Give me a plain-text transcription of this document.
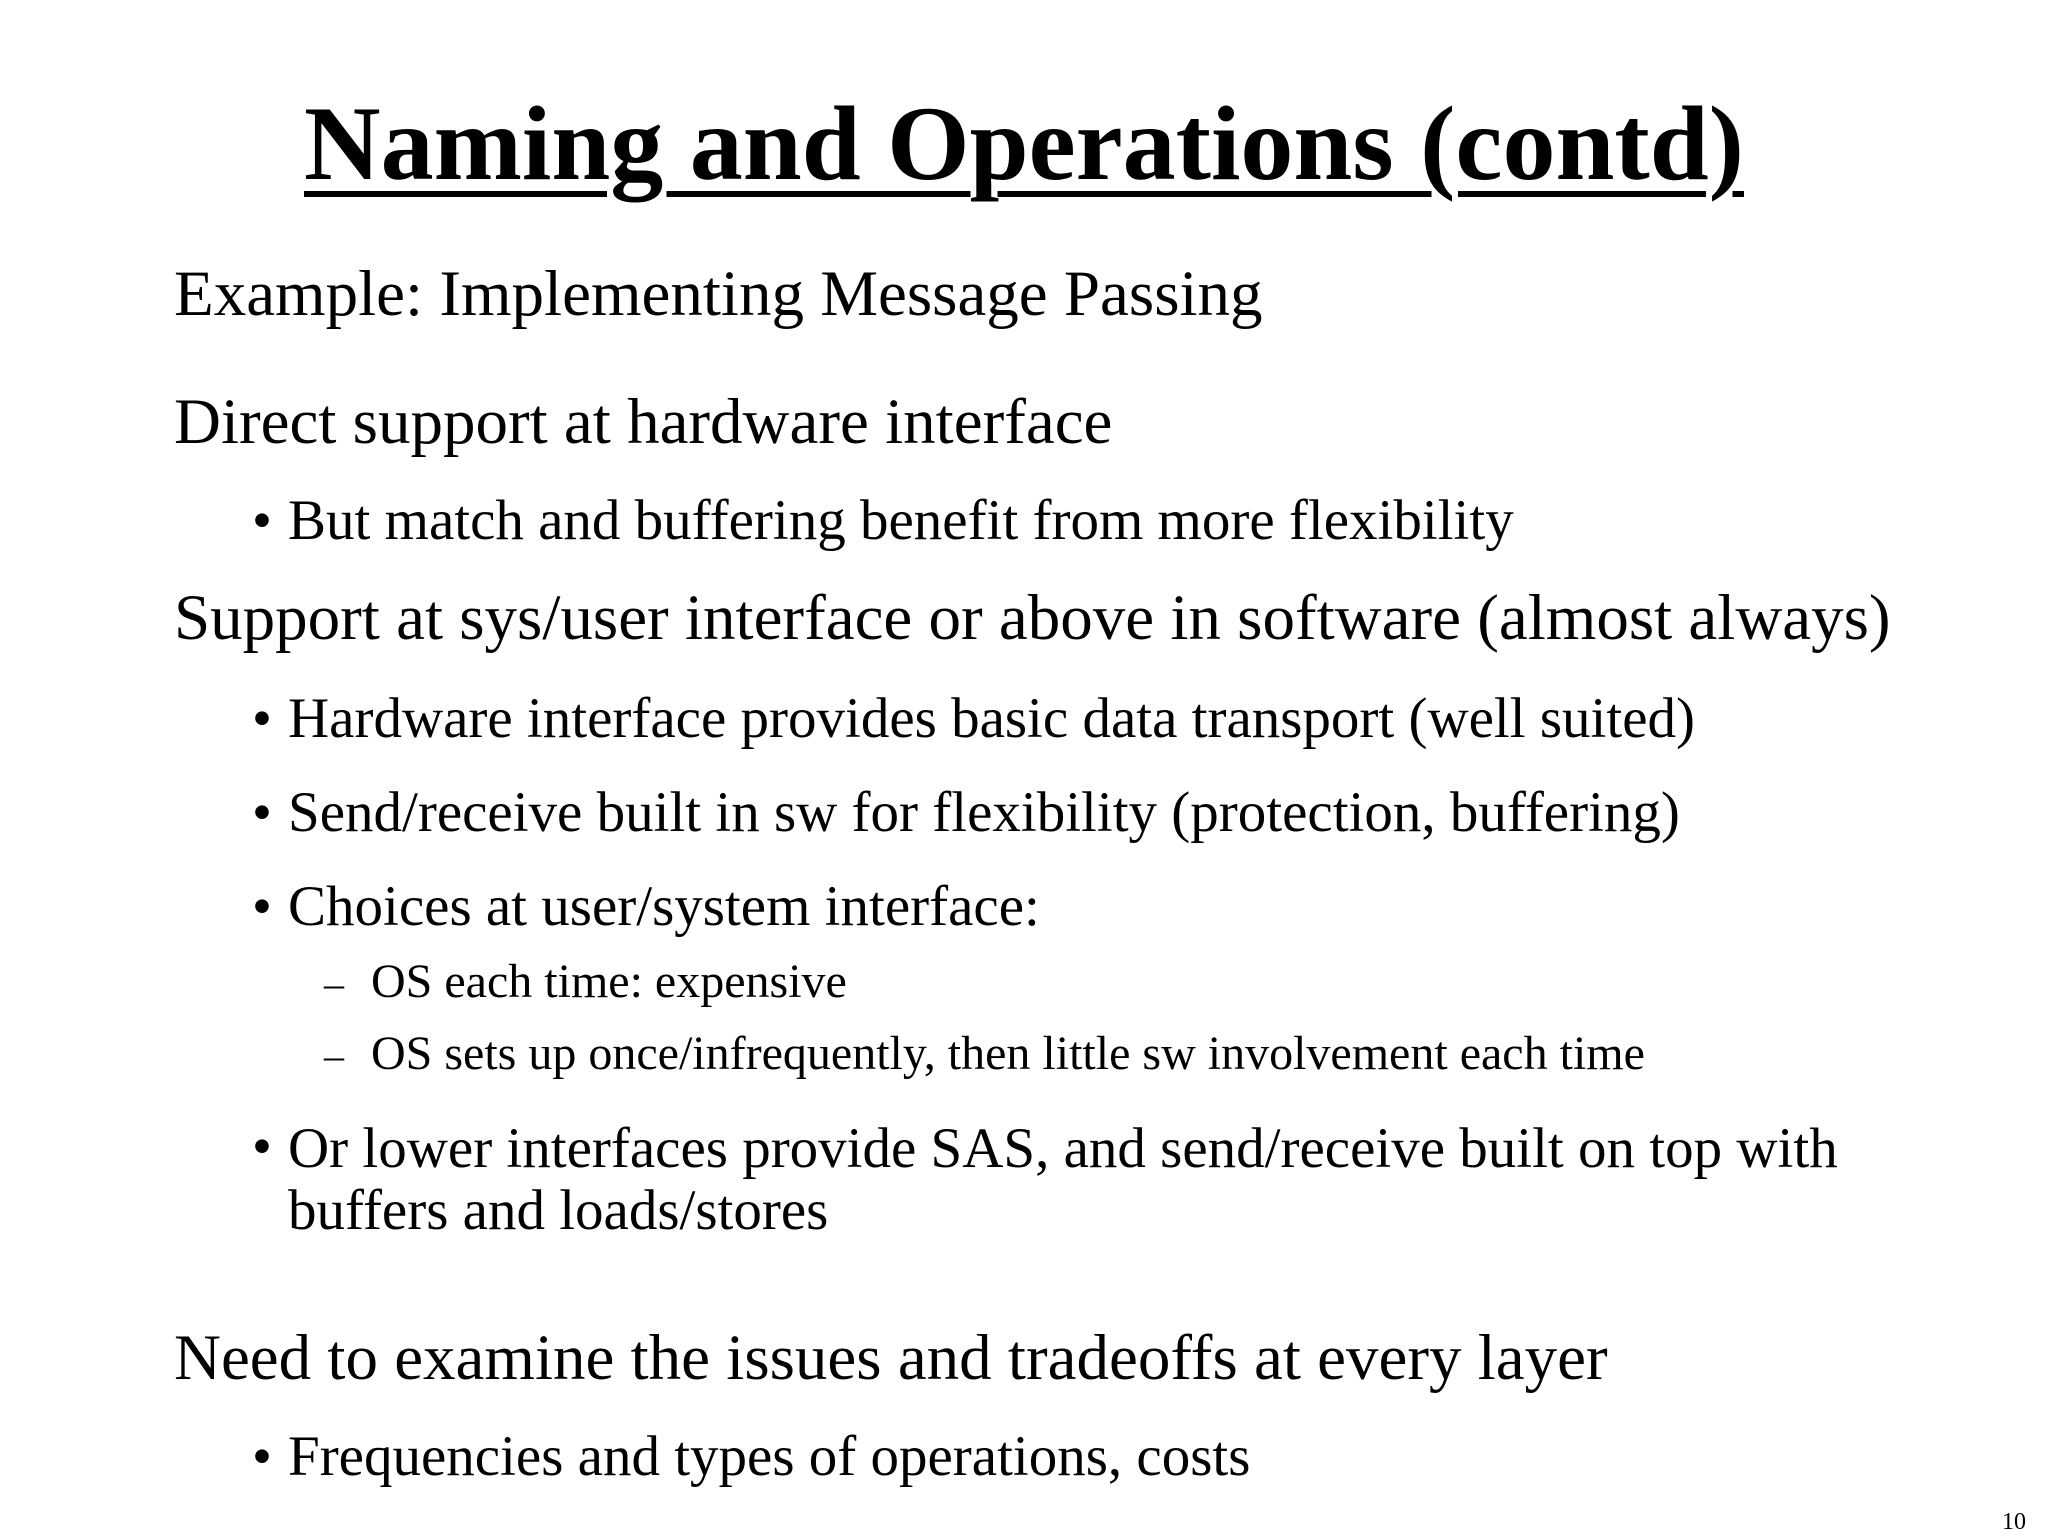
Naming and Operations (contd)

Example: Implementing Message Passing

Direct support at hardware interface

• But match and buffering benefit from more flexibility

Support at sys/user interface or above in software (almost always)

• Hardware interface provides basic data transport (well suited)

• Send/receive built in sw for flexibility (protection, buffering)

• Choices at user/system interface:

– OS each time: expensive

– OS sets up once/infrequently, then little sw involvement each time

• Or lower interfaces provide SAS, and send/receive built on top with buffers and loads/stores

Need to examine the issues and tradeoffs at every layer

• Frequencies and types of operations, costs

10
